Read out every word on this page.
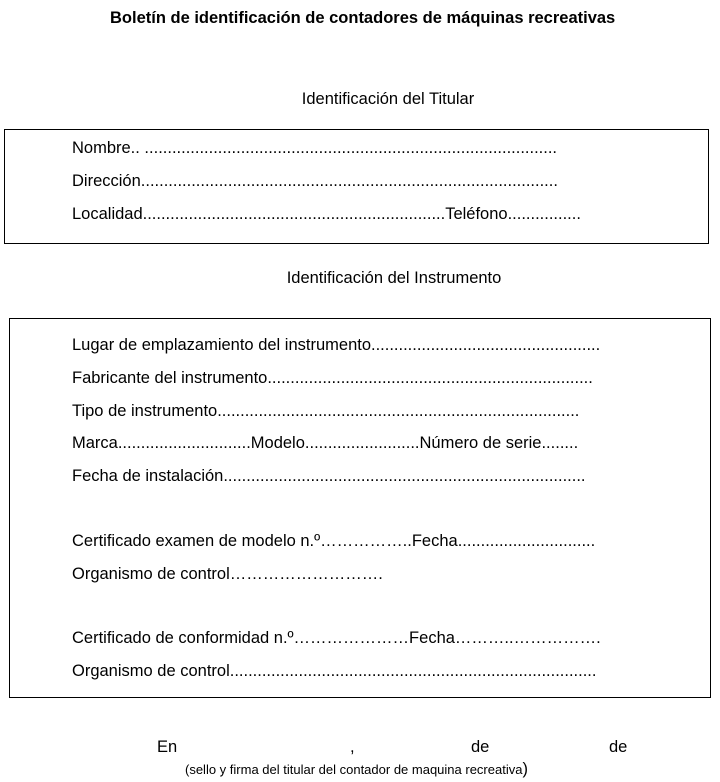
Boletín de identificación de contadores de máquinas recreativas
Identificación del Titular
Nombre.. ..........................................................................................
Dirección...........................................................................................
Localidad..................................................................Teléfono................
Identificación del Instrumento
Lugar de emplazamiento del instrumento..................................................
Fabricante del instrumento.......................................................................
Tipo de instrumento...............................................................................
Marca.............................Modelo.........................Número de serie........
Fecha de instalación...............................................................................
Certificado examen de modelo n.º……………..Fecha..............................
Organismo de control……………………….
Certificado de conformidad n.º…………………Fecha………..…………….
Organismo de control................................................................................
En	,	de	de
(sello y firma del titular del contador de maquina recreativa)
